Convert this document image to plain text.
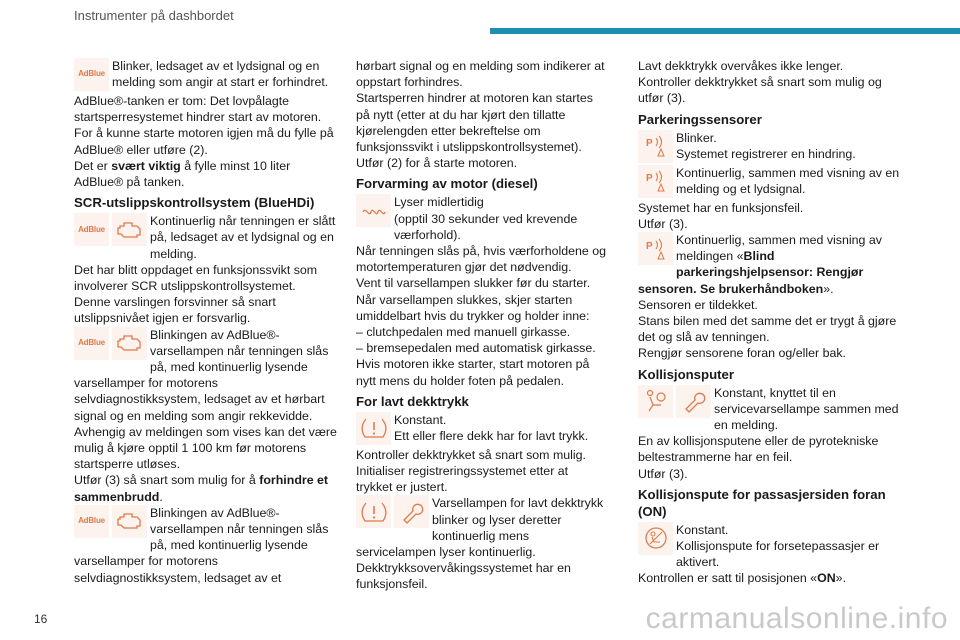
Instrumenter på dashbordet
AdBlue

Blinker, ledsaget av et lydsignal og en melding som angir at start er forhindret.

AdBlue®-tanken er tom: Det lovpålagte startsperresystemet hindrer start av motoren.

For å kunne starte motoren igjen må du fylle på AdBlue® eller utføre (2).

Det er svært viktig å fylle minst 10 liter AdBlue® på tanken.

SCR-utslippskontrollsystem (BlueHDi)
AdBlue

Kontinuerlig når tenningen er slått på, ledsaget av et lydsignal og en melding.

Det har blitt oppdaget en funksjonssvikt som involverer SCR utslippskontrollsystemet.

Denne varslingen forsvinner så snart utslippsnivået igjen er forsvarlig.

AdBlue

Blinkingen av AdBlue®-varsellampen når tenningen slås på, med kontinuerlig lysende varsellamper for motorens selvdiagnostikksystem, ledsaget av et hørbart signal og en melding som angir rekkevidde.

Avhengig av meldingen som vises kan det være mulig å kjøre opptil 1 100 km før motorens startsperre utløses.

Utfør (3) så snart som mulig for å forhindre et sammenbrudd.

AdBlue

Blinkingen av AdBlue®-varsellampen når tenningen slås på, med kontinuerlig lysende varsellamper for motorens selvdiagnostikksystem, ledsaget av et

hørbart signal og en melding som indikerer at oppstart forhindres.

Startsperren hindrer at motoren kan startes på nytt (etter at du har kjørt den tillatte kjørelengden etter bekreftelse om funksjonssvikt i utslippskontrollsystemet).

Utfør (2) for å starte motoren.

Forvarming av motor (diesel)

Lyser midlertidig

(opptil 30 sekunder ved krevende værforhold).

Når tenningen slås på, hvis værforholdene og motortemperaturen gjør det nødvendig.

Vent til varsellampen slukker før du starter.

Når varsellampen slukkes, skjer starten umiddelbart hvis du trykker og holder inne:

– clutchpedalen med manuell girkasse.

– bremsepedalen med automatisk girkasse.

Hvis motoren ikke starter, start motoren på nytt mens du holder foten på pedalen.

For lavt dekktrykk

Konstant.

Ett eller flere dekk har for lavt trykk.

Kontroller dekktrykket så snart som mulig.

Initialiser registreringssystemet etter at trykket er justert.

Varsellampen for lavt dekktrykk blinker og lyser deretter kontinuerlig mens servicelampen lyser kontinuerlig.

Dekktrykksovervåkingssystemet har en funksjonsfeil.

Lavt dekktrykk overvåkes ikke lenger.

Kontroller dekktrykket så snart som mulig og utfør (3).

Parkeringssensorer
P	Blinker.

Systemet registrerer en hindring.

P	Kontinuerlig, sammen med visning av en melding og et lydsignal.

Systemet har en funksjonsfeil.

Utfør (3).

P	Kontinuerlig, sammen med visning av meldingen «Blind parkeringshjelpsensor: Rengjør sensoren. Se brukerhåndboken».

Sensoren er tildekket.

Stans bilen med det samme det er trygt å gjøre det og slå av tenningen.

Rengjør sensorene foran og/eller bak.

Kollisjonsputer

Konstant, knyttet til en servicevarsellampe sammen med en melding.

En av kollisjonsputene eller de pyrotekniske beltestrammerne har en feil.

Utfør (3).

Kollisjonspute for passasjersiden foran (ON)

Konstant.

Kollisjonspute for forsetepassasjer er aktivert.

Kontrollen er satt til posisjonen «ON».

16	carmanualsonline.info
